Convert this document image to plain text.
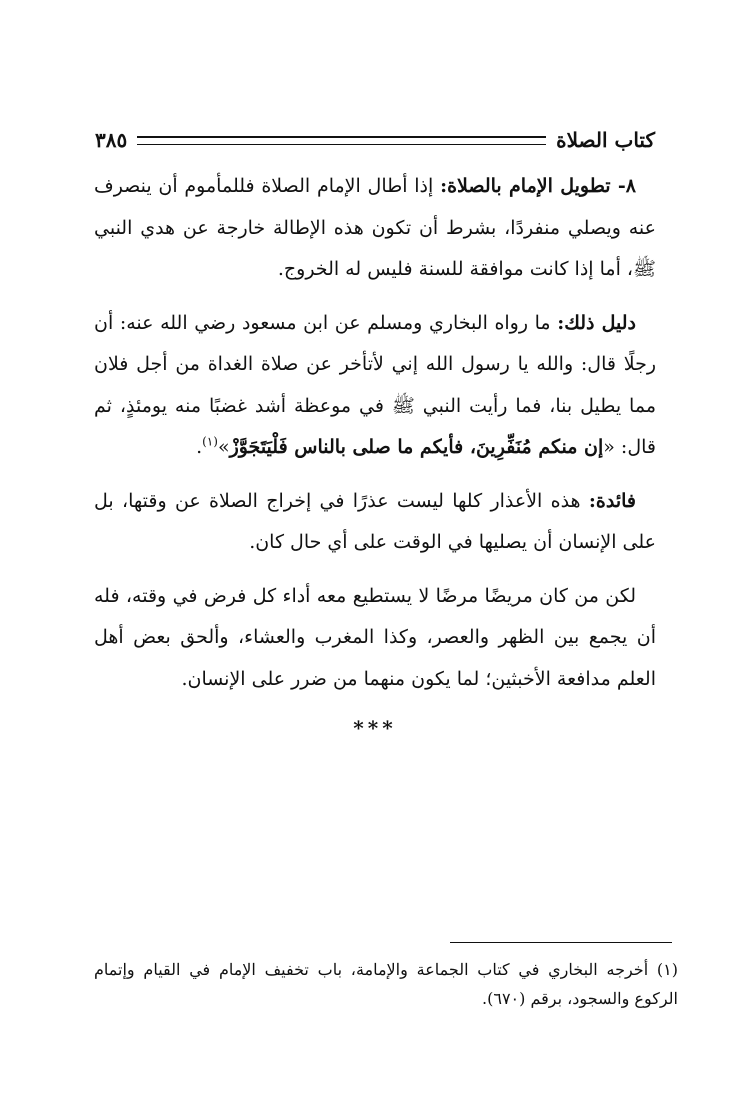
كتاب الصلاة
٣٨٥

٨- تطويل الإمام بالصلاة: إذا أطال الإمام الصلاة فللمأموم أن ينصرف عنه ويصلي منفردًا، بشرط أن تكون هذه الإطالة خارجة عن هدي النبي ﷺ، أما إذا كانت موافقة للسنة فليس له الخروج.

دليل ذلك: ما رواه البخاري ومسلم عن ابن مسعود رضي الله عنه: أن رجلًا قال: والله يا رسول الله إني لأتأخر عن صلاة الغداة من أجل فلان مما يطيل بنا، فما رأيت النبي ﷺ في موعظة أشد غضبًا منه يومئذٍ، ثم قال: «إن منكم مُنَفِّرِينَ، فأيكم ما صلى بالناس فَلْيَتَجَوَّزْ»$^{(١)}$.

فائدة: هذه الأعذار كلها ليست عذرًا في إخراج الصلاة عن وقتها، بل على الإنسان أن يصليها في الوقت على أي حال كان.

لكن من كان مريضًا مرضًا لا يستطيع معه أداء كل فرض في وقته، فله أن يجمع بين الظهر والعصر، وكذا المغرب والعشاء، وألحق بعض أهل العلم مدافعة الأخبثين؛ لما يكون منهما من ضرر على الإنسان.

***
(١) أخرجه البخاري في كتاب الجماعة والإمامة، باب تخفيف الإمام في القيام وإتمام الركوع والسجود، برقم (٦٧٠).
